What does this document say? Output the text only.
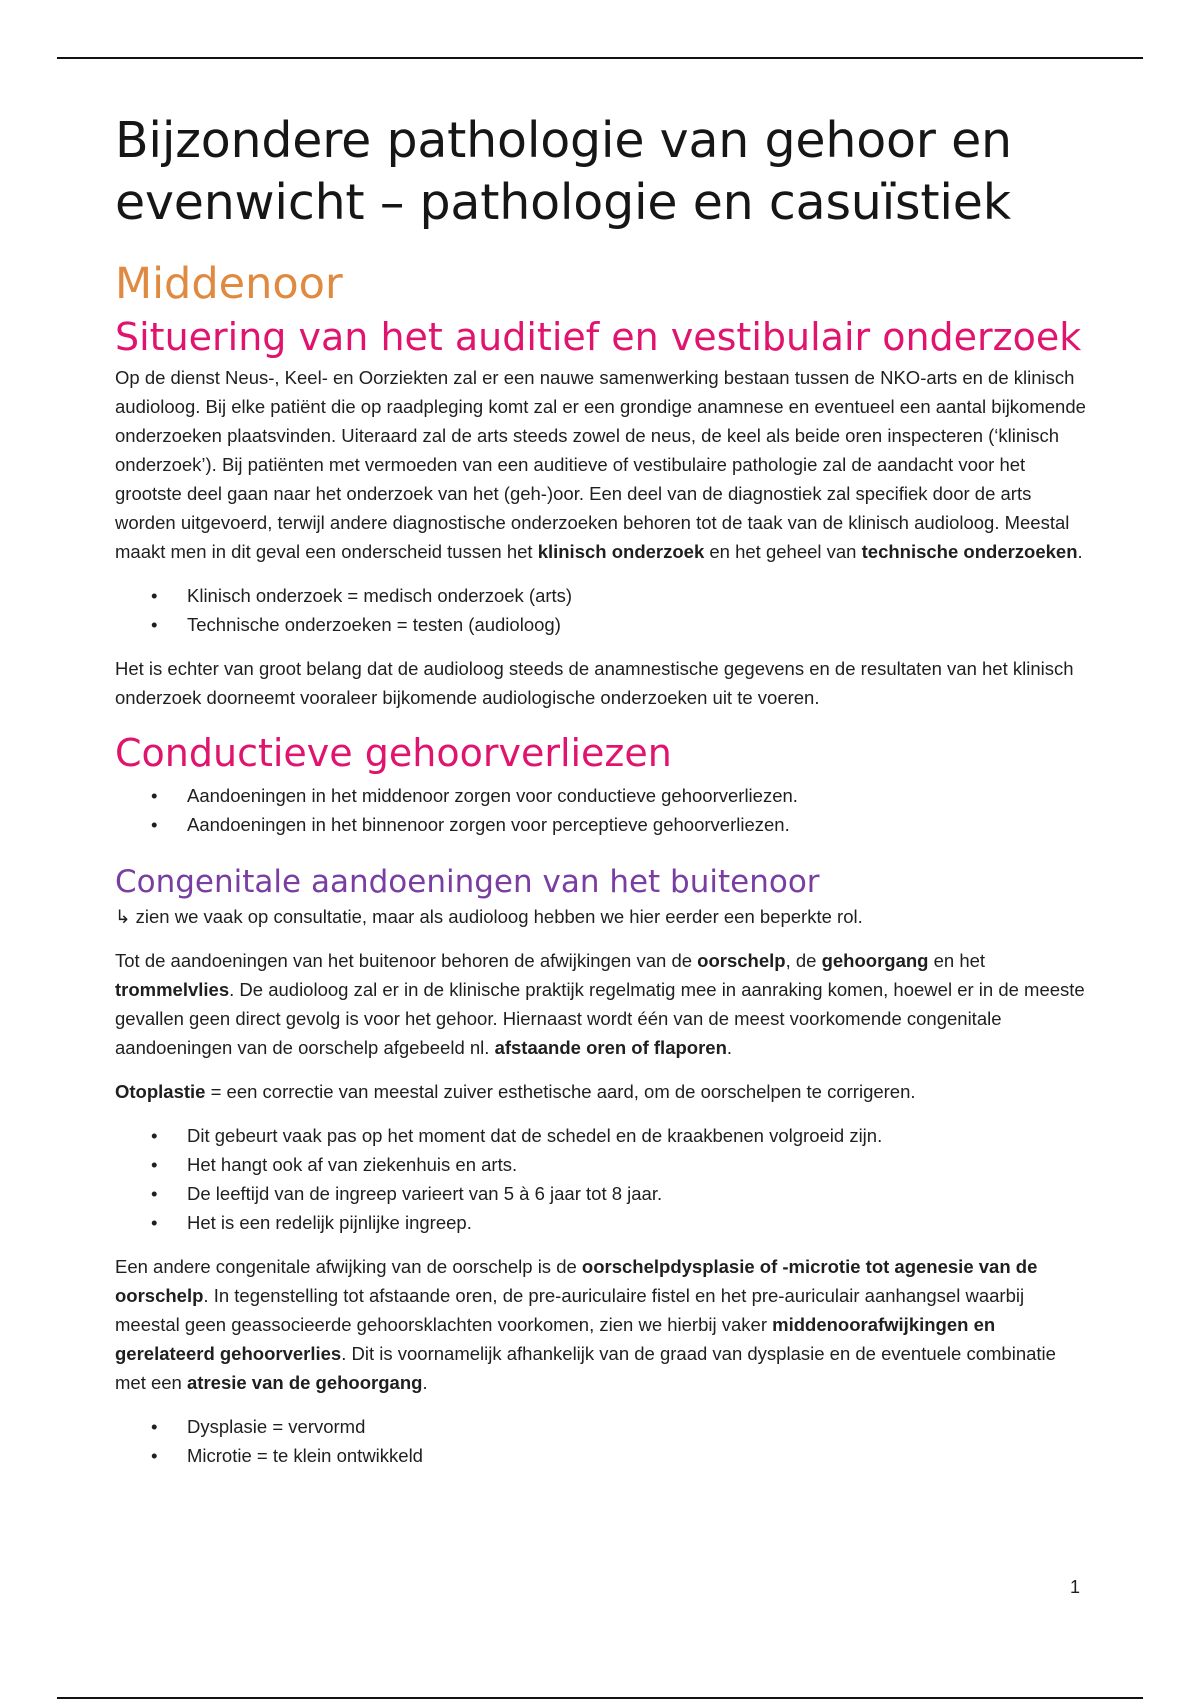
Bijzondere pathologie van gehoor en evenwicht – pathologie en casuïstiek
Middenoor
Situering van het auditief en vestibulair onderzoek

Op de dienst Neus-, Keel- en Oorziekten zal er een nauwe samenwerking bestaan tussen de NKO-arts en de klinisch audioloog. Bij elke patiënt die op raadpleging komt zal er een grondige anamnese en eventueel een aantal bijkomende onderzoeken plaatsvinden. Uiteraard zal de arts steeds zowel de neus, de keel als beide oren inspecteren (‘klinisch onderzoek’). Bij patiënten met vermoeden van een auditieve of vestibulaire pathologie zal de aandacht voor het grootste deel gaan naar het onderzoek van het (geh-)oor. Een deel van de diagnostiek zal specifiek door de arts worden uitgevoerd, terwijl andere diagnostische onderzoeken behoren tot de taak van de klinisch audioloog. Meestal maakt men in dit geval een onderscheid tussen het klinisch onderzoek en het geheel van technische onderzoeken.

• Klinisch onderzoek = medisch onderzoek (arts)
• Technische onderzoeken = testen (audioloog)

Het is echter van groot belang dat de audioloog steeds de anamnestische gegevens en de resultaten van het klinisch onderzoek doorneemt vooraleer bijkomende audiologische onderzoeken uit te voeren.

Conductieve gehoorverliezen
• Aandoeningen in het middenoor zorgen voor conductieve gehoorverliezen.
• Aandoeningen in het binnenoor zorgen voor perceptieve gehoorverliezen.
Congenitale aandoeningen van het buitenoor

↳ zien we vaak op consultatie, maar als audioloog hebben we hier eerder een beperkte rol.

Tot de aandoeningen van het buitenoor behoren de afwijkingen van de oorschelp, de gehoorgang en het trommelvlies. De audioloog zal er in de klinische praktijk regelmatig mee in aanraking komen, hoewel er in de meeste gevallen geen direct gevolg is voor het gehoor. Hiernaast wordt één van de meest voorkomende congenitale aandoeningen van de oorschelp afgebeeld nl. afstaande oren of flaporen.

Otoplastie = een correctie van meestal zuiver esthetische aard, om de oorschelpen te corrigeren.

• Dit gebeurt vaak pas op het moment dat de schedel en de kraakbenen volgroeid zijn.
• Het hangt ook af van ziekenhuis en arts.
• De leeftijd van de ingreep varieert van 5 à 6 jaar tot 8 jaar.
• Het is een redelijk pijnlijke ingreep.

Een andere congenitale afwijking van de oorschelp is de oorschelpdysplasie of -microtie tot agenesie van de oorschelp. In tegenstelling tot afstaande oren, de pre-auriculaire fistel en het pre-auriculair aanhangsel waarbij meestal geen geassocieerde gehoorsklachten voorkomen, zien we hierbij vaker middenoorafwijkingen en gerelateerd gehoorverlies. Dit is voornamelijk afhankelijk van de graad van dysplasie en de eventuele combinatie met een atresie van de gehoorgang.

• Dysplasie = vervormd
• Microtie = te klein ontwikkeld
1
